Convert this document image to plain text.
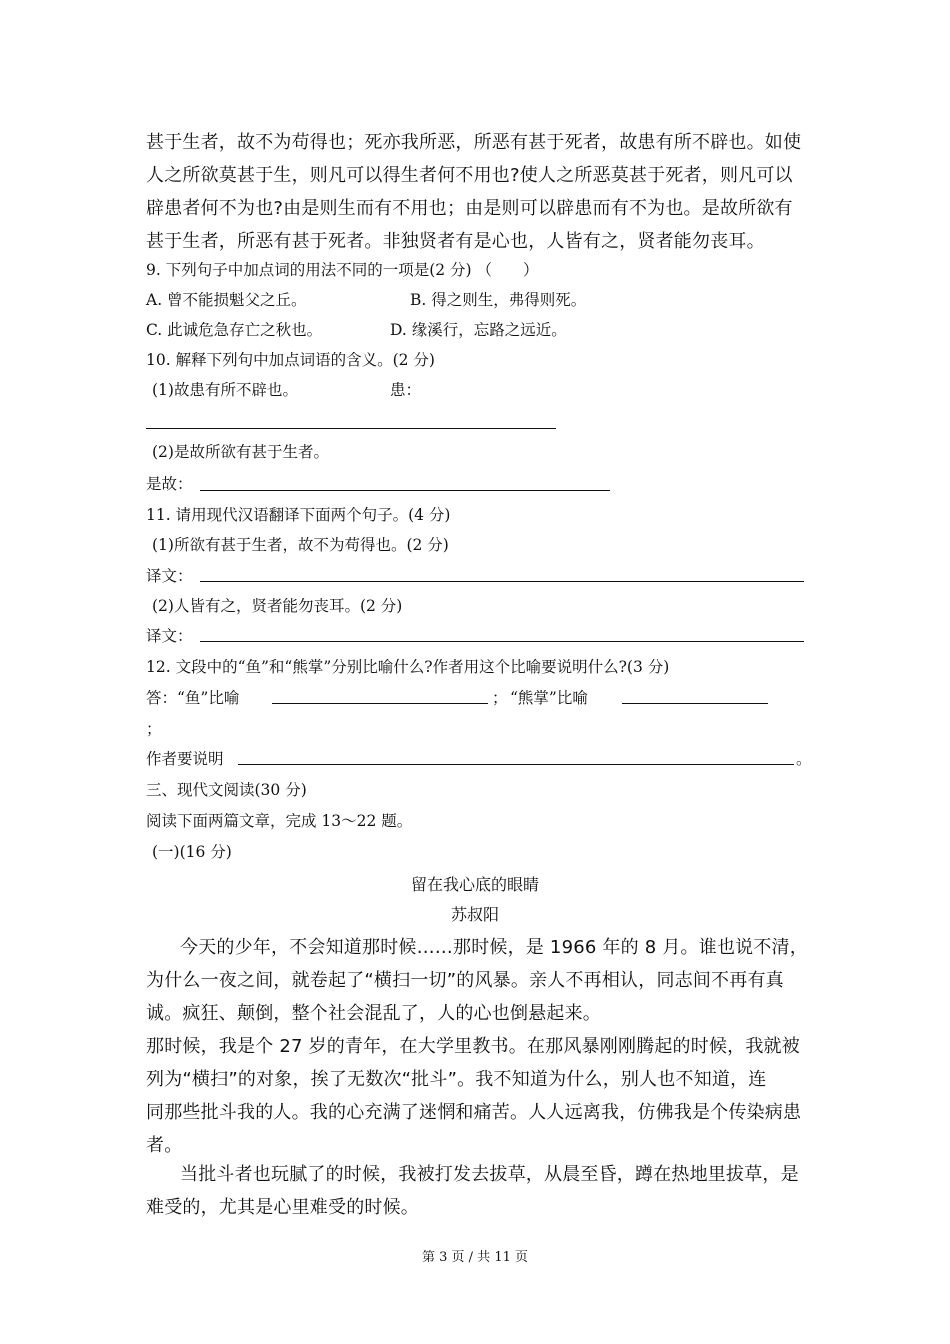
甚于生者，故不为苟得也；死亦我所恶，所恶有甚于死者，故患有所不辟也。如使
人之所欲莫甚于生，则凡可以得生者何不用也?使人之所恶莫甚于死者，则凡可以
辟患者何不为也?由是则生而有不用也；由是则可以辟患而有不为也。是故所欲有
甚于生者，所恶有甚于死者。非独贤者有是心也，人皆有之，贤者能勿丧耳。
9. 下列句子中加点词的用法不同的一项是(2 分) （　　）
A. 曾不能损魁父之丘。	B. 得之则生，弗得则死。
C. 此诚危急存亡之秋也。	D. 缘溪行，忘路之远近。
10. 解释下列句中加点词语的含义。(2 分)
(1)故患有所不辟也。	患：
(2)是故所欲有甚于生者。
是故：
11. 请用现代汉语翻译下面两个句子。(4 分)
(1)所欲有甚于生者，故不为苟得也。(2 分)
译文：
(2)人皆有之，贤者能勿丧耳。(2 分)
译文：
12. 文段中的“鱼”和“熊掌”分别比喻什么?作者用这个比喻要说明什么?(3 分)
答：“鱼”比喻	； “熊掌”比喻
；
作者要说明	。
三、现代文阅读(30 分)
阅读下面两篇文章，完成 13～22 题。
(一)(16 分)
留在我心底的眼睛
苏叔阳
今天的少年，不会知道那时候……那时候，是 1966 年的 8 月。谁也说不清，
为什么一夜之间，就卷起了“横扫一切”的风暴。亲人不再相认，同志间不再有真
诚。疯狂、颠倒，整个社会混乱了，人的心也倒悬起来。
那时候，我是个 27 岁的青年，在大学里教书。在那风暴刚刚腾起的时候，我就被
列为“横扫”的对象，挨了无数次“批斗”。我不知道为什么，别人也不知道，连
同那些批斗我的人。我的心充满了迷惘和痛苦。人人远离我，仿佛我是个传染病患
者。
当批斗者也玩腻了的时候，我被打发去拔草，从晨至昏，蹲在热地里拔草，是
难受的，尤其是心里难受的时候。
第 3 页 / 共 11 页
